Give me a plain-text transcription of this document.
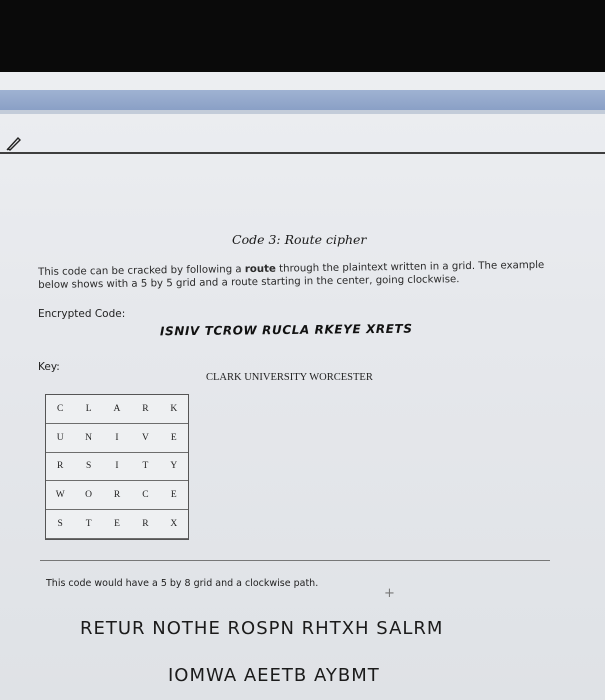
Code 3: Route cipher
This code can be cracked by following a route through the plaintext written in a grid. The example below shows with a 5 by 5 grid and a route starting in the center, going clockwise.
Encrypted Code:
ISNIV TCROW RUCLA RKEYE XRETS
Key:
CLARK UNIVERSITY WORCESTER
C	L	A	R	K
U	N	I	V	E
R	S	I	T	Y
W	O	R	C	E
S	T	E	R	X
This code would have a 5 by 8 grid and a clockwise path.
+
RETUR NOTHE ROSPN RHTXH SALRM
IOMWA AEETB AYBMT
